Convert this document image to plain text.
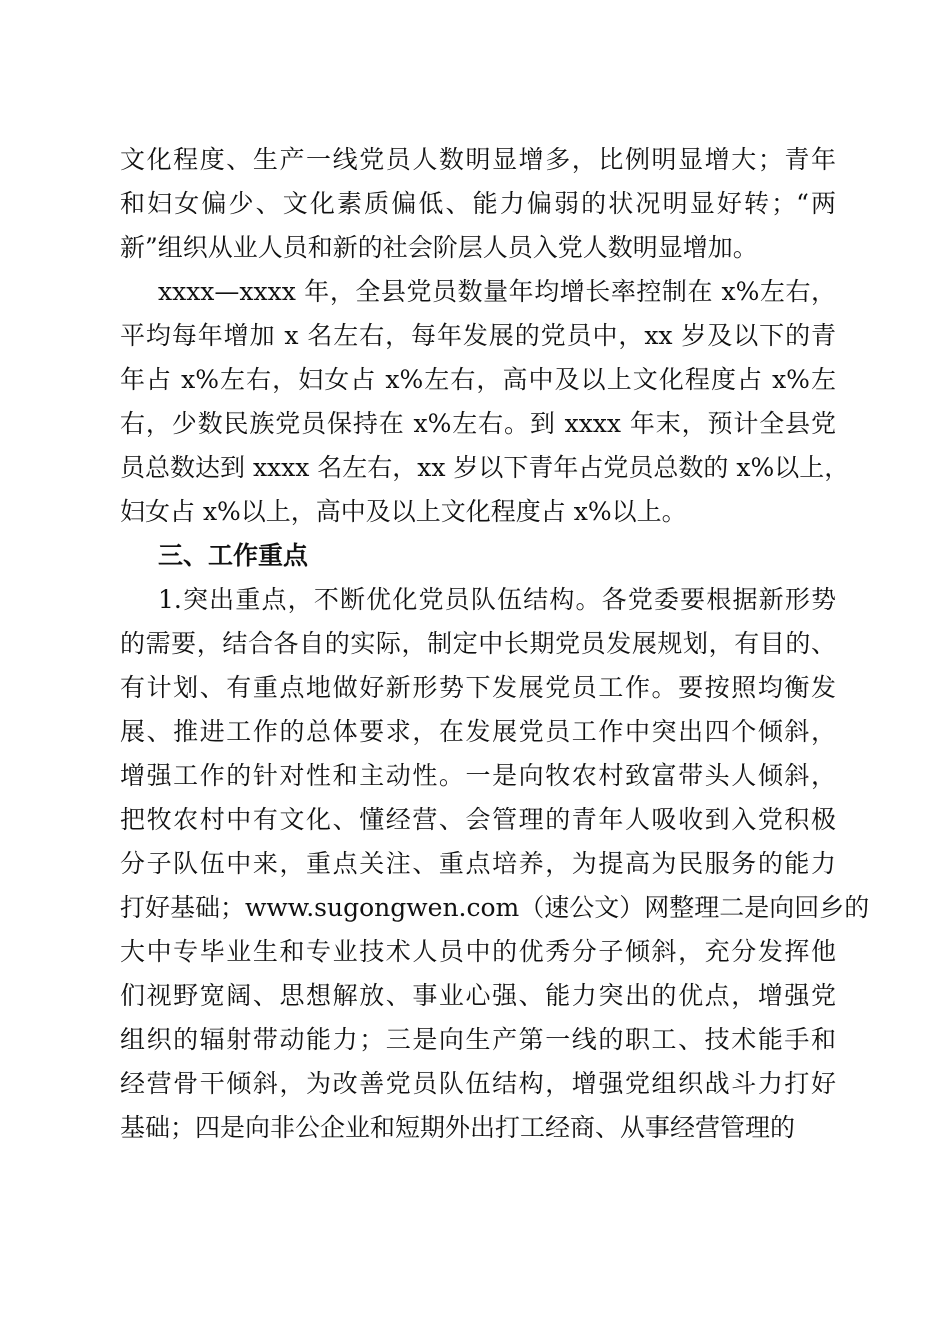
文化程度、生产一线党员人数明显增多，比例明显增大；青年
和妇女偏少、文化素质偏低、能力偏弱的状况明显好转；“两
新”组织从业人员和新的社会阶层人员入党人数明显增加。
xxxx—xxxx 年，全县党员数量年均增长率控制在 x%左右，
平均每年增加 x 名左右，每年发展的党员中，xx 岁及以下的青
年占 x%左右，妇女占 x%左右，高中及以上文化程度占 x%左
右，少数民族党员保持在 x%左右。到 xxxx 年末，预计全县党
员总数达到 xxxx 名左右，xx 岁以下青年占党员总数的 x%以上，
妇女占 x%以上，高中及以上文化程度占 x%以上。
三、工作重点
1.突出重点，不断优化党员队伍结构。各党委要根据新形势
的需要，结合各自的实际，制定中长期党员发展规划，有目的、
有计划、有重点地做好新形势下发展党员工作。要按照均衡发
展、推进工作的总体要求，在发展党员工作中突出四个倾斜，
增强工作的针对性和主动性。一是向牧农村致富带头人倾斜，
把牧农村中有文化、懂经营、会管理的青年人吸收到入党积极
分子队伍中来，重点关注、重点培养，为提高为民服务的能力
打好基础；www.sugongwen.com（速公文）网整理二是向回乡的
大中专毕业生和专业技术人员中的优秀分子倾斜，充分发挥他
们视野宽阔、思想解放、事业心强、能力突出的优点，增强党
组织的辐射带动能力；三是向生产第一线的职工、技术能手和
经营骨干倾斜，为改善党员队伍结构，增强党组织战斗力打好
基础；四是向非公企业和短期外出打工经商、从事经营管理的
